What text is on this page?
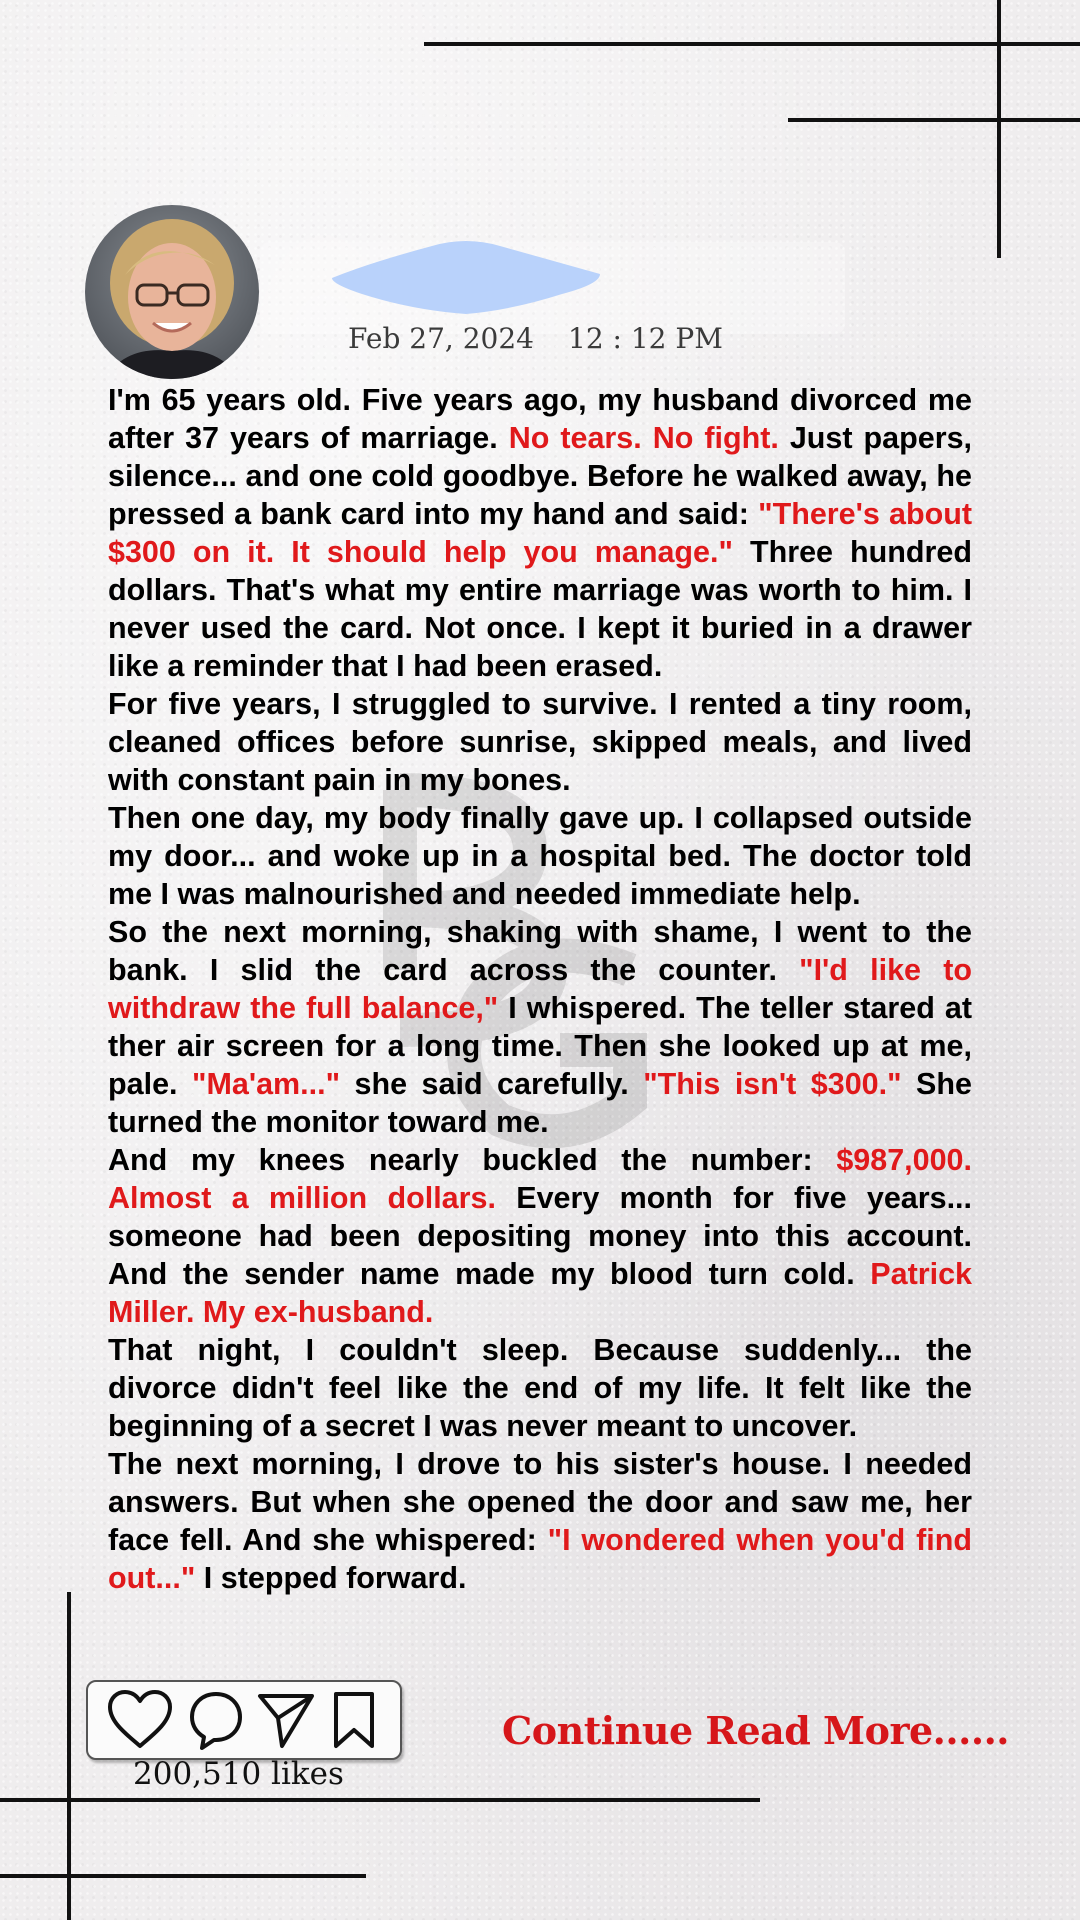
Feb 27, 2024 12 : 12 PM

I'm 65 years old. Five years ago, my husband divorced me after 37 years of marriage. No tears. No fight. Just papers, silence... and one cold goodbye. Before he walked away, he pressed a bank card into my hand and said: "There's about $300 on it. It should help you manage." Three hundred dollars. That's what my entire marriage was worth to him. I never used the card. Not once. I kept it buried in a drawer like a reminder that I had been erased.

For five years, I struggled to survive. I rented a tiny room, cleaned offices before sunrise, skipped meals, and lived with constant pain in my bones.

Then one day, my body finally gave up. I collapsed outside my door... and woke up in a hospital bed. The doctor told me I was malnourished and needed immediate help.

So the next morning, shaking with shame, I went to the bank. I slid the card across the counter. "I'd like to withdraw the full balance," I whispered. The teller stared at ther air screen for a long time. Then she looked up at me, pale. "Ma'am..." she said carefully. "This isn't $300." She turned the monitor toward me.

And my knees nearly buckled the number: $987,000. Almost a million dollars. Every month for five years... someone had been depositing money into this account. And the sender name made my blood turn cold. Patrick Miller. My ex-husband.

That night, I couldn't sleep. Because suddenly... the divorce didn't feel like the end of my life. It felt like the beginning of a secret I was never meant to uncover.

The next morning, I drove to his sister's house. I needed answers. But when she opened the door and saw me, her face fell. And she whispered: "I wondered when you'd find out..." I stepped forward.

200,510 likes
Continue Read More......
